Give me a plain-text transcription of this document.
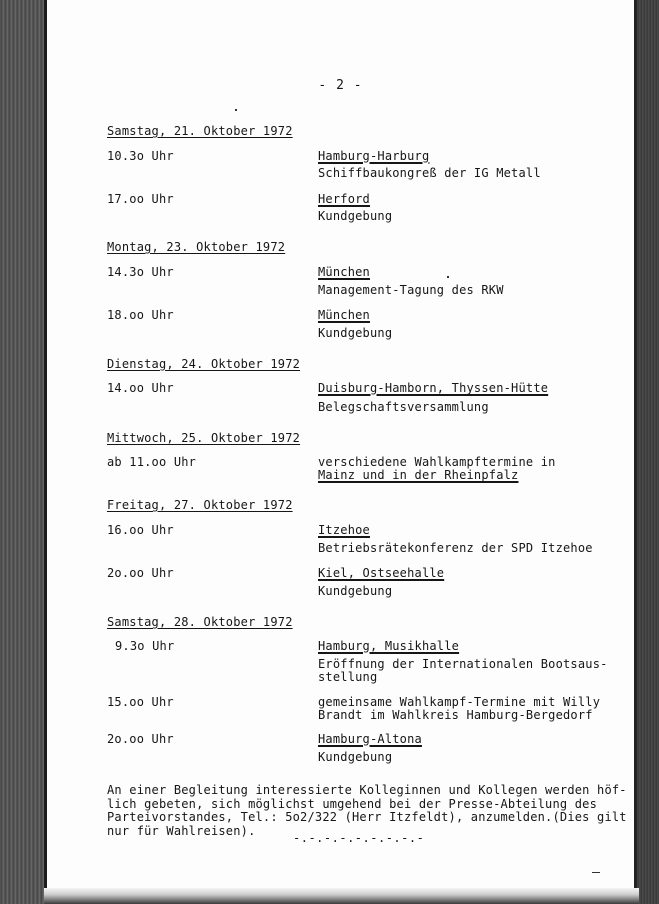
- 2 -
Samstag, 21. Oktober 1972
10.3o Uhr	Hamburg-Harburg
Schiffbaukongreß der IG Metall
17.oo Uhr	Herford
Kundgebung
Montag, 23. Oktober 1972
14.3o Uhr	München
Management-Tagung des RKW
18.oo Uhr	München
Kundgebung
Dienstag, 24. Oktober 1972
14.oo Uhr	Duisburg-Hamborn, Thyssen-Hütte
Belegschaftsversammlung
Mittwoch, 25. Oktober 1972
ab 11.oo Uhr	verschiedene Wahlkampftermine in
Mainz und in der Rheinpfalz
Freitag, 27. Oktober 1972
16.oo Uhr	Itzehoe
Betriebsrätekonferenz der SPD Itzehoe
2o.oo Uhr	Kiel, Ostseehalle
Kundgebung
Samstag, 28. Oktober 1972
9.3o Uhr	Hamburg, Musikhalle
Eröffnung der Internationalen Bootsaus-
stellung
15.oo Uhr	gemeinsame Wahlkampf-Termine mit Willy
Brandt im Wahlkreis Hamburg-Bergedorf
2o.oo Uhr	Hamburg-Altona
Kundgebung
An einer Begleitung interessierte Kolleginnen und Kollegen werden höf-
lich gebeten, sich möglichst umgehend bei der Presse-Abteilung des
Parteivorstandes, Tel.: 5o2/322 (Herr Itzfeldt), anzumelden.(Dies gilt
nur für Wahlreisen).
-.-.-.-.-.-.-.-.-
